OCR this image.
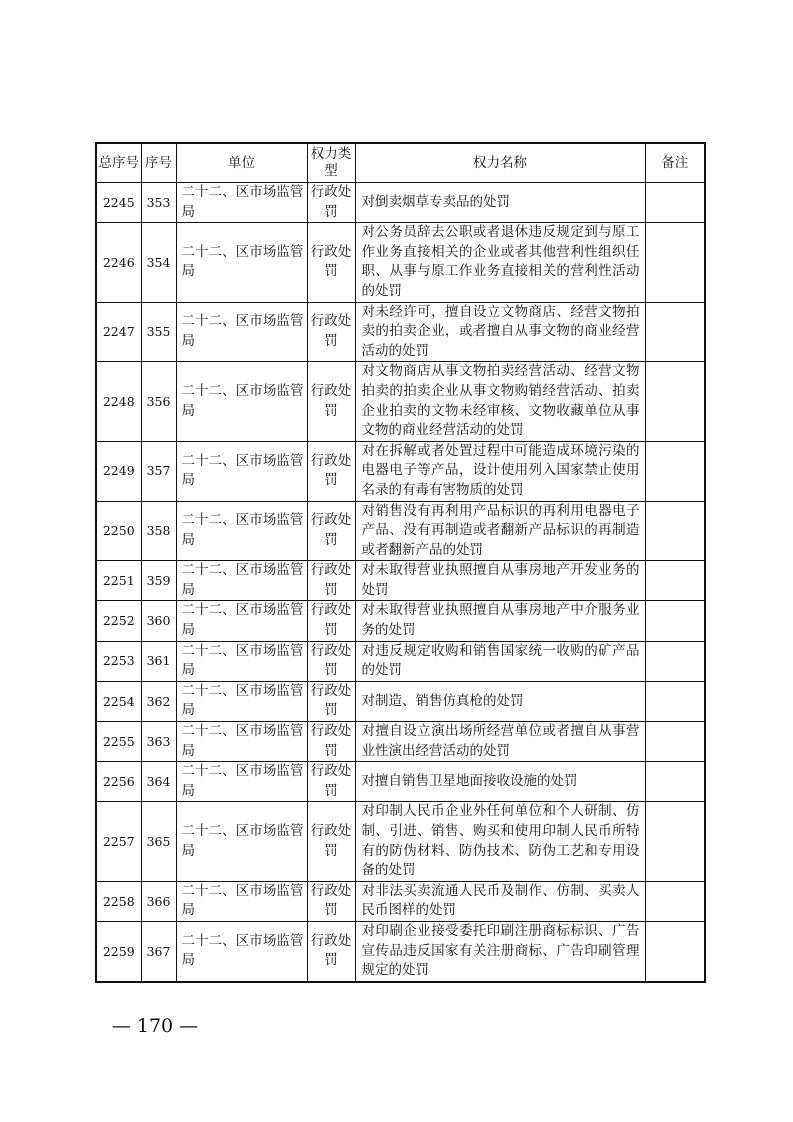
总序号	序号	单位	权力类型	权力名称	备注
2245	353	二十二、区市场监管局	行政处罚	对倒卖烟草专卖品的处罚	
2246	354	二十二、区市场监管局	行政处罚	对公务员辞去公职或者退休违反规定到与原工作业务直接相关的企业或者其他营利性组织任职、从事与原工作业务直接相关的营利性活动的处罚	
2247	355	二十二、区市场监管局	行政处罚	对未经许可，擅自设立文物商店、经营文物拍卖的拍卖企业，或者擅自从事文物的商业经营活动的处罚	
2248	356	二十二、区市场监管局	行政处罚	对文物商店从事文物拍卖经营活动、经营文物拍卖的拍卖企业从事文物购销经营活动、拍卖企业拍卖的文物未经审核、文物收藏单位从事文物的商业经营活动的处罚	
2249	357	二十二、区市场监管局	行政处罚	对在拆解或者处置过程中可能造成环境污染的电器电子等产品，设计使用列入国家禁止使用名录的有毒有害物质的处罚	
2250	358	二十二、区市场监管局	行政处罚	对销售没有再利用产品标识的再利用电器电子产品、没有再制造或者翻新产品标识的再制造或者翻新产品的处罚	
2251	359	二十二、区市场监管局	行政处罚	对未取得营业执照擅自从事房地产开发业务的处罚	
2252	360	二十二、区市场监管局	行政处罚	对未取得营业执照擅自从事房地产中介服务业务的处罚	
2253	361	二十二、区市场监管局	行政处罚	对违反规定收购和销售国家统一收购的矿产品的处罚	
2254	362	二十二、区市场监管局	行政处罚	对制造、销售仿真枪的处罚	
2255	363	二十二、区市场监管局	行政处罚	对擅自设立演出场所经营单位或者擅自从事营业性演出经营活动的处罚	
2256	364	二十二、区市场监管局	行政处罚	对擅自销售卫星地面接收设施的处罚	
2257	365	二十二、区市场监管局	行政处罚	对印制人民币企业外任何单位和个人研制、仿制、引进、销售、购买和使用印制人民币所特有的防伪材料、防伪技术、防伪工艺和专用设备的处罚	
2258	366	二十二、区市场监管局	行政处罚	对非法买卖流通人民币及制作、仿制、买卖人民币图样的处罚	
2259	367	二十二、区市场监管局	行政处罚	对印刷企业接受委托印刷注册商标标识、广告宣传品违反国家有关注册商标、广告印刷管理规定的处罚	
— 170 —
